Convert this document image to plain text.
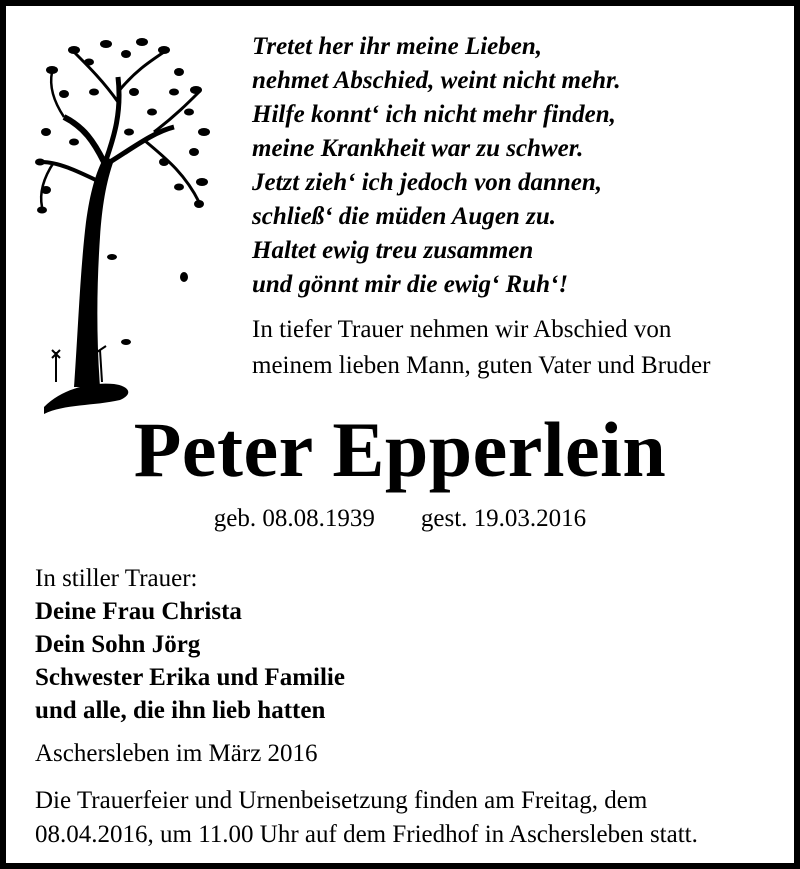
Tretet her ihr meine Lieben,
nehmet Abschied, weint nicht mehr.
Hilfe konnt‘ ich nicht mehr finden,
meine Krankheit war zu schwer.
Jetzt zieh‘ ich jedoch von dannen,
schließ‘ die müden Augen zu.
Haltet ewig treu zusammen
und gönnt mir die ewig‘ Ruh‘!
In tiefer Trauer nehmen wir Abschied von
meinem lieben Mann, guten Vater und Bruder
Peter Epperlein
geb. 08.08.1939 gest. 19.03.2016
In stiller Trauer:
Deine Frau Christa
Dein Sohn Jörg
Schwester Erika und Familie
und alle, die ihn lieb hatten
Aschersleben im März 2016
Die Trauerfeier und Urnenbeisetzung finden am Freitag, dem
08.04.2016, um 11.00 Uhr auf dem Friedhof in Aschersleben statt.
